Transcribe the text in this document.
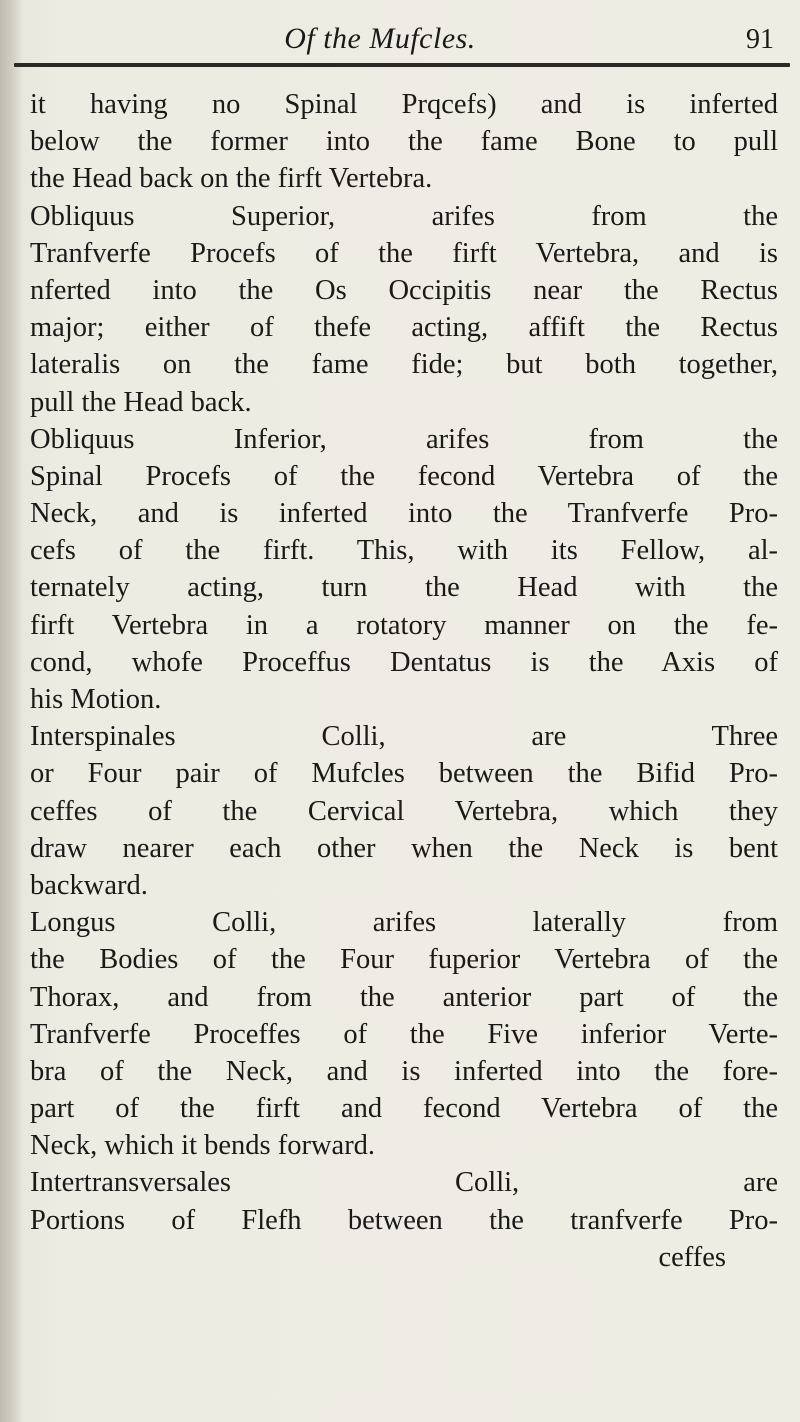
Of the Mufcles.	91
it having no Spinal Prqcefs) and is inferted
below the former into the fame Bone to pull
the Head back on the firft Vertebra.
Obliquus Superior, arifes from the
Tranfverfe Procefs of the firft Vertebra, and is
nferted into the Os Occipitis near the Rectus
major; either of thefe acting, affift the Rectus
lateralis on the fame fide; but both together,
pull the Head back.
Obliquus Inferior, arifes from the
Spinal Procefs of the fecond Vertebra of the
Neck, and is inferted into the Tranfverfe Pro-
cefs of the firft. This, with its Fellow, al-
ternately acting, turn the Head with the
firft Vertebra in a rotatory manner on the fe-
cond, whofe Proceffus Dentatus is the Axis of
his Motion.
Interspinales Colli, are Three
or Four pair of Mufcles between the Bifid Pro-
ceffes of the Cervical Vertebra, which they
draw nearer each other when the Neck is bent
backward.
Longus Colli, arifes laterally from
the Bodies of the Four fuperior Vertebra of the
Thorax, and from the anterior part of the
Tranfverfe Proceffes of the Five inferior Verte-
bra of the Neck, and is inferted into the fore-
part of the firft and fecond Vertebra of the
Neck, which it bends forward.
Intertransversales Colli, are
Portions of Flefh between the tranfverfe Pro-
ceffes
